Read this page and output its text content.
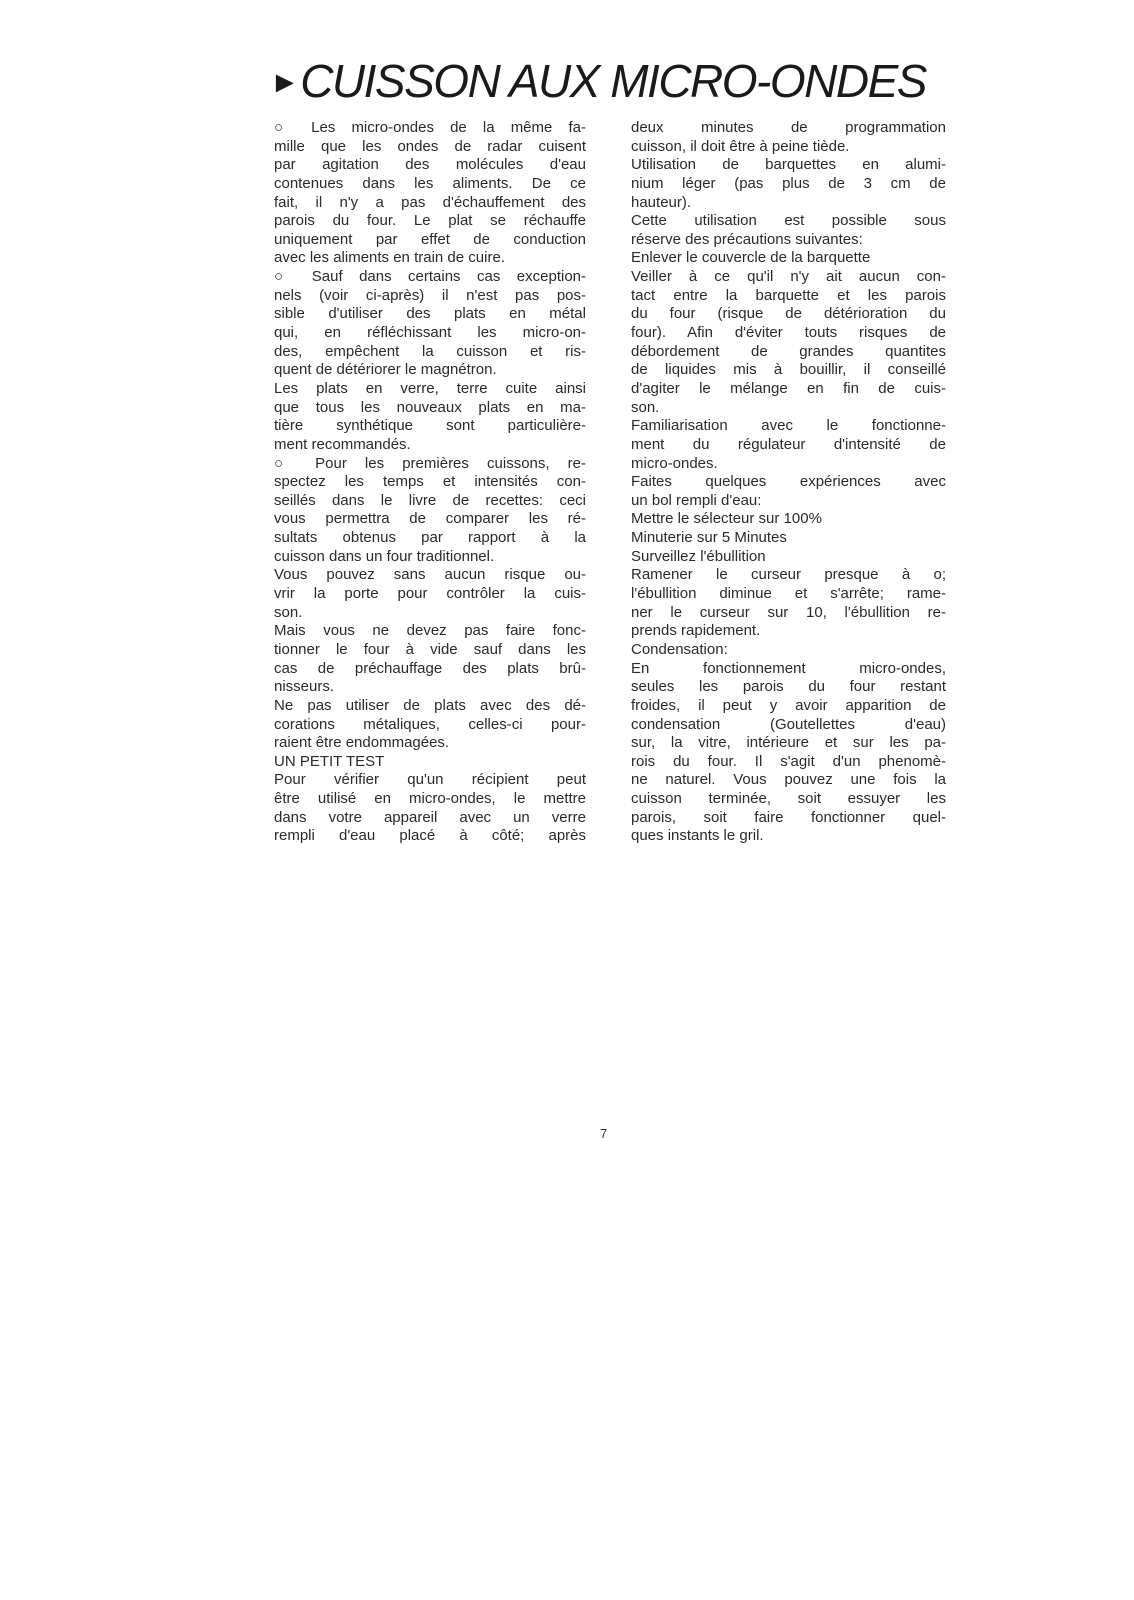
►CUISSON AUX MICRO-ONDES
○ Les micro-ondes de la même fa-
mille que les ondes de radar cuisent
par agitation des molécules d'eau
contenues dans les aliments. De ce
fait, il n'y a pas d'échauffement des
parois du four. Le plat se réchauffe
uniquement par effet de conduction
avec les aliments en train de cuire.
○ Sauf dans certains cas exception-
nels (voir ci-après) il n'est pas pos-
sible d'utiliser des plats en métal
qui, en réfléchissant les micro-on-
des, empêchent la cuisson et ris-
quent de détériorer le magnétron.
Les plats en verre, terre cuite ainsi
que tous les nouveaux plats en ma-
tière synthétique sont particulière-
ment recommandés.
○ Pour les premières cuissons, re-
spectez les temps et intensités con-
seillés dans le livre de recettes: ceci
vous permettra de comparer les ré-
sultats obtenus par rapport à la
cuisson dans un four traditionnel.
Vous pouvez sans aucun risque ou-
vrir la porte pour contrôler la cuis-
son.
Mais vous ne devez pas faire fonc-
tionner le four à vide sauf dans les
cas de préchauffage des plats brû-
nisseurs.
Ne pas utiliser de plats avec des dé-
corations métaliques, celles-ci pour-
raient être endommagées.
UN PETIT TEST
Pour vérifier qu'un récipient peut
être utilisé en micro-ondes, le mettre
dans votre appareil avec un verre
rempli d'eau placé à côté; après
deux minutes de programmation
cuisson, il doit être à peine tiède.
Utilisation de barquettes en alumi-
nium léger (pas plus de 3 cm de
hauteur).
Cette utilisation est possible sous
réserve des précautions suivantes:
Enlever le couvercle de la barquette
Veiller à ce qu'il n'y ait aucun con-
tact entre la barquette et les parois
du four (risque de détérioration du
four). Afin d'éviter touts risques de
débordement de grandes quantites
de liquides mis à bouillir, il conseillé
d'agiter le mélange en fin de cuis-
son.
Familiarisation avec le fonctionne-
ment du régulateur d'intensité de
micro-ondes.
Faites quelques expériences avec
un bol rempli d'eau:
Mettre le sélecteur sur 100%
Minuterie sur 5 Minutes
Surveillez l'ébullition
Ramener le curseur presque à o;
l'ébullition diminue et s'arrête; rame-
ner le curseur sur 10, l'ébullition re-
prends rapidement.
Condensation:
En fonctionnement micro-ondes,
seules les parois du four restant
froides, il peut y avoir apparition de
condensation (Goutellettes d'eau)
sur, la vitre, intérieure et sur les pa-
rois du four. Il s'agit d'un phenomè-
ne naturel. Vous pouvez une fois la
cuisson terminée, soit essuyer les
parois, soit faire fonctionner quel-
ques instants le gril.
7
